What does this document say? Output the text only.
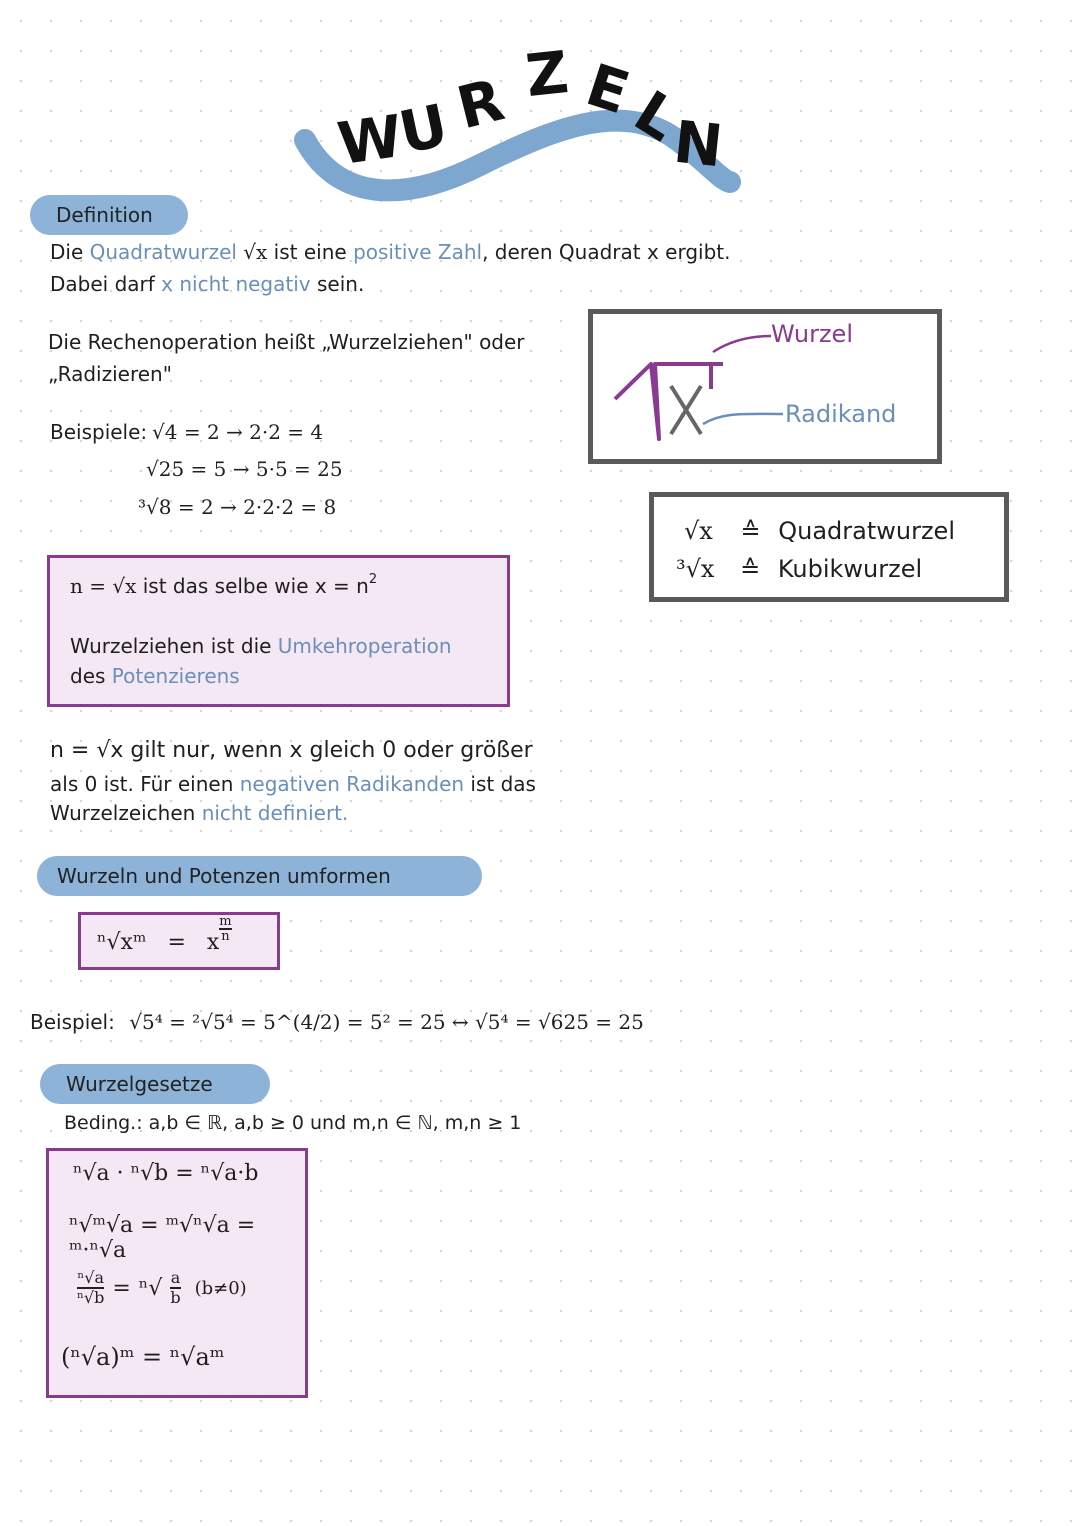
W
U
R Z E
L
N
Definition
Die Quadratwurzel √x ist eine positive Zahl, deren Quadrat x ergibt.
Dabei darf x nicht negativ sein.
Die Rechenoperation heißt „Wurzelziehen" oder
„Radizieren"
Beispiele: √4 = 2 → 2·2 = 4
√25 = 5 → 5·5 = 25
³√8 = 2 → 2·2·2 = 8
Wurzel
Radikand
√x ≙ Quadratwurzel
³√x ≙ Kubikwurzel
n = √x ist das selbe wie $x = n^2$
Wurzelziehen ist die Umkehroperation
des Potenzierens
n = √x gilt nur, wenn x gleich 0 oder größer
als 0 ist. Für einen negativen Radikanden ist das
Wurzelzeichen nicht definiert.
Wurzeln und Potenzen umformen
ⁿ√xᵐ = x $\frac{m}{n}$
Beispiel: √5⁴ = ²√5⁴ = 5^(4/2) = 5² = 25 ↔ √5⁴ = √625 = 25
Wurzelgesetze
Beding.: a,b ∈ ℝ, a,b ≥ 0 und m,n ∈ ℕ, m,n ≥ 1
ⁿ√a · ⁿ√b = ⁿ√a·b
ⁿ√ᵐ√a = ᵐ√ⁿ√a = ᵐ·ⁿ√a
$\frac{\text{ⁿ√a}}{\text{ⁿ√b}} = ^n√ \frac{a}{b} (b\ne 0)$
(ⁿ√a)ᵐ = ⁿ√aᵐ
